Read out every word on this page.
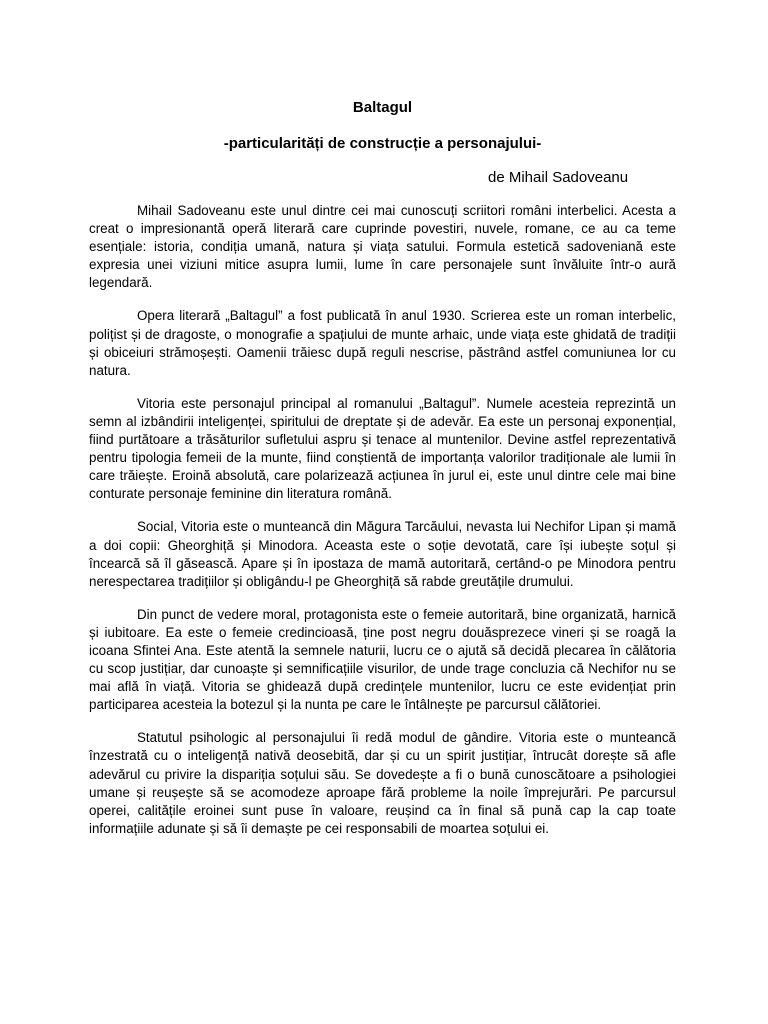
Baltagul
-particularități de construcție a personajului-
de Mihail Sadoveanu

Mihail Sadoveanu este unul dintre cei mai cunoscuți scriitori români interbelici. Acesta a creat o impresionantă operă literară care cuprinde povestiri, nuvele, romane, ce au ca teme esențiale: istoria, condiția umană, natura și viața satului. Formula estetică sadoveniană este expresia unei viziuni mitice asupra lumii, lume în care personajele sunt învăluite într-o aură legendară.

Opera literară „Baltagul” a fost publicată în anul 1930. Scrierea este un roman interbelic, polițist și de dragoste, o monografie a spațiului de munte arhaic, unde viața este ghidată de tradiții și obiceiuri strămoșești. Oamenii trăiesc după reguli nescrise, păstrând astfel comuniunea lor cu natura.

Vitoria este personajul principal al romanului „Baltagul”. Numele acesteia reprezintă un semn al izbândirii inteligenței, spiritului de dreptate și de adevăr. Ea este un personaj exponențial, fiind purtătoare a trăsăturilor sufletului aspru și tenace al muntenilor. Devine astfel reprezentativă pentru tipologia femeii de la munte, fiind conștientă de importanța valorilor tradiționale ale lumii în care trăiește. Eroină absolută, care polarizează acțiunea în jurul ei, este unul dintre cele mai bine conturate personaje feminine din literatura română.

Social, Vitoria este o munteancă din Măgura Tarcăului, nevasta lui Nechifor Lipan și mamă a doi copii: Gheorghiță și Minodora. Aceasta este o soție devotată, care își iubește soțul și încearcă să îl găsească. Apare și în ipostaza de mamă autoritară, certând-o pe Minodora pentru nerespectarea tradițiilor și obligându-l pe Gheorghiță să rabde greutățile drumului.

Din punct de vedere moral, protagonista este o femeie autoritară, bine organizată, harnică și iubitoare. Ea este o femeie credincioasă, ține post negru douăsprezece vineri și se roagă la icoana Sfintei Ana. Este atentă la semnele naturii, lucru ce o ajută să decidă plecarea în călătoria cu scop justițiar, dar cunoaște și semnificațiile visurilor, de unde trage concluzia că Nechifor nu se mai află în viață. Vitoria se ghidează după credințele muntenilor, lucru ce este evidențiat prin participarea acesteia la botezul și la nunta pe care le întâlnește pe parcursul călătoriei.

Statutul psihologic al personajului îi redă modul de gândire. Vitoria este o munteancă înzestrată cu o inteligență nativă deosebită, dar și cu un spirit justițiar, întrucât dorește să afle adevărul cu privire la dispariția soțului său. Se dovedește a fi o bună cunoscătoare a psihologiei umane și reușește să se acomodeze aproape fără probleme la noile împrejurări. Pe parcursul operei, calitățile eroinei sunt puse în valoare, reușind ca în final să pună cap la cap toate informațiile adunate și să îi demaște pe cei responsabili de moartea soțului ei.
